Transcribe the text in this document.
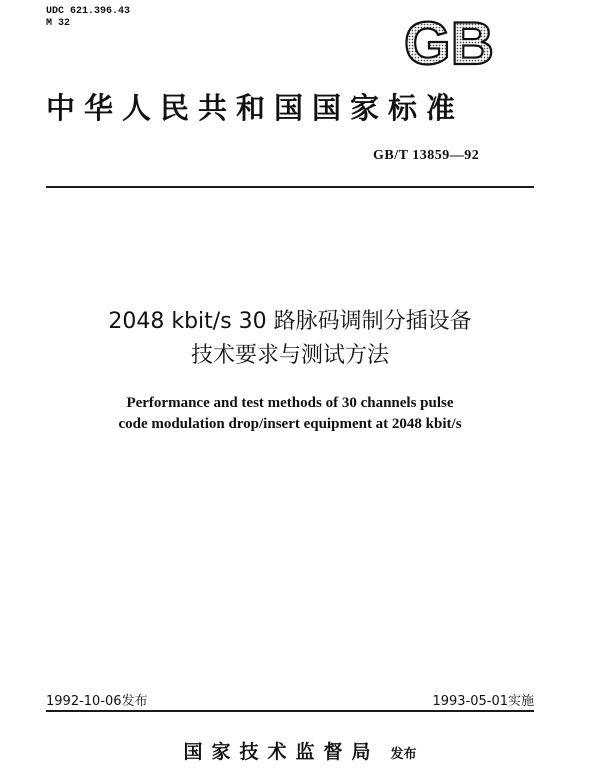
UDC 621.396.43
M 32	GB
中华人民共和国国家标准
GB/T 13859—92
2048 kbit/s 30 路脉码调制分插设备
技术要求与测试方法
Performance and test methods of 30 channels pulse
code modulation drop/insert equipment at 2048 kbit/s
1992-10-06发布	1993-05-01实施
国家技术监督局 发布
